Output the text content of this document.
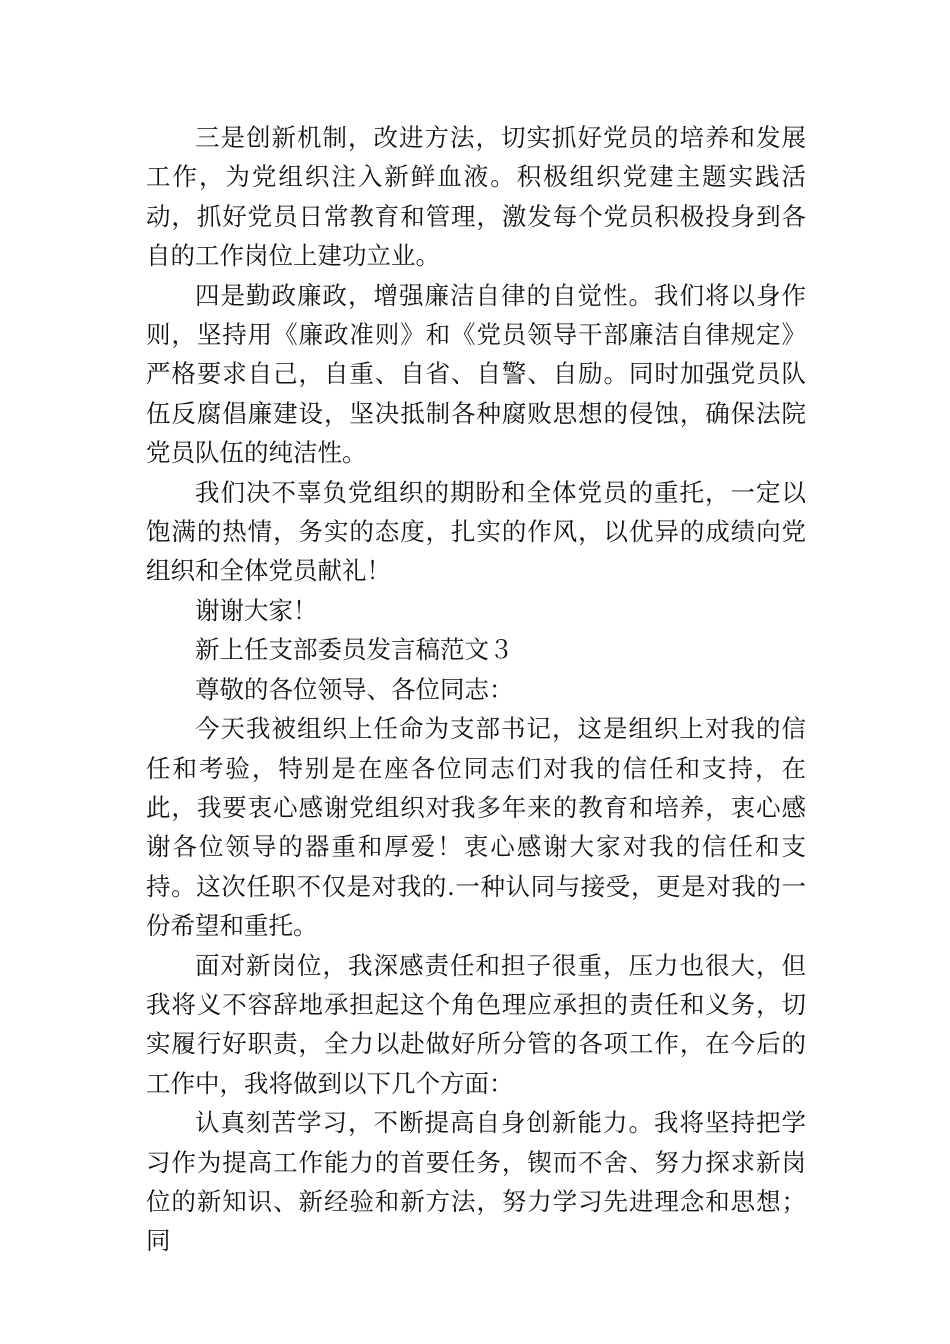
三是创新机制，改进方法，切实抓好党员的培养和发展工作，为党组织注入新鲜血液。积极组织党建主题实践活动，抓好党员日常教育和管理，激发每个党员积极投身到各自的工作岗位上建功立业。

四是勤政廉政，增强廉洁自律的自觉性。我们将以身作则，坚持用《廉政准则》和《党员领导干部廉洁自律规定》严格要求自己，自重、自省、自警、自励。同时加强党员队伍反腐倡廉建设，坚决抵制各种腐败思想的侵蚀，确保法院党员队伍的纯洁性。

我们决不辜负党组织的期盼和全体党员的重托，一定以饱满的热情，务实的态度，扎实的作风，以优异的成绩向党组织和全体党员献礼！

谢谢大家！

新上任支部委员发言稿范文３

尊敬的各位领导、各位同志：

今天我被组织上任命为支部书记，这是组织上对我的信任和考验，特别是在座各位同志们对我的信任和支持，在此，我要衷心感谢党组织对我多年来的教育和培养，衷心感谢各位领导的器重和厚爱！衷心感谢大家对我的信任和支持。这次任职不仅是对我的.一种认同与接受，更是对我的一份希望和重托。

面对新岗位，我深感责任和担子很重，压力也很大，但我将义不容辞地承担起这个角色理应承担的责任和义务，切实履行好职责，全力以赴做好所分管的各项工作，在今后的工作中，我将做到以下几个方面：

认真刻苦学习，不断提高自身创新能力。我将坚持把学习作为提高工作能力的首要任务，锲而不舍、努力探求新岗位的新知识、新经验和新方法，努力学习先进理念和思想；同
